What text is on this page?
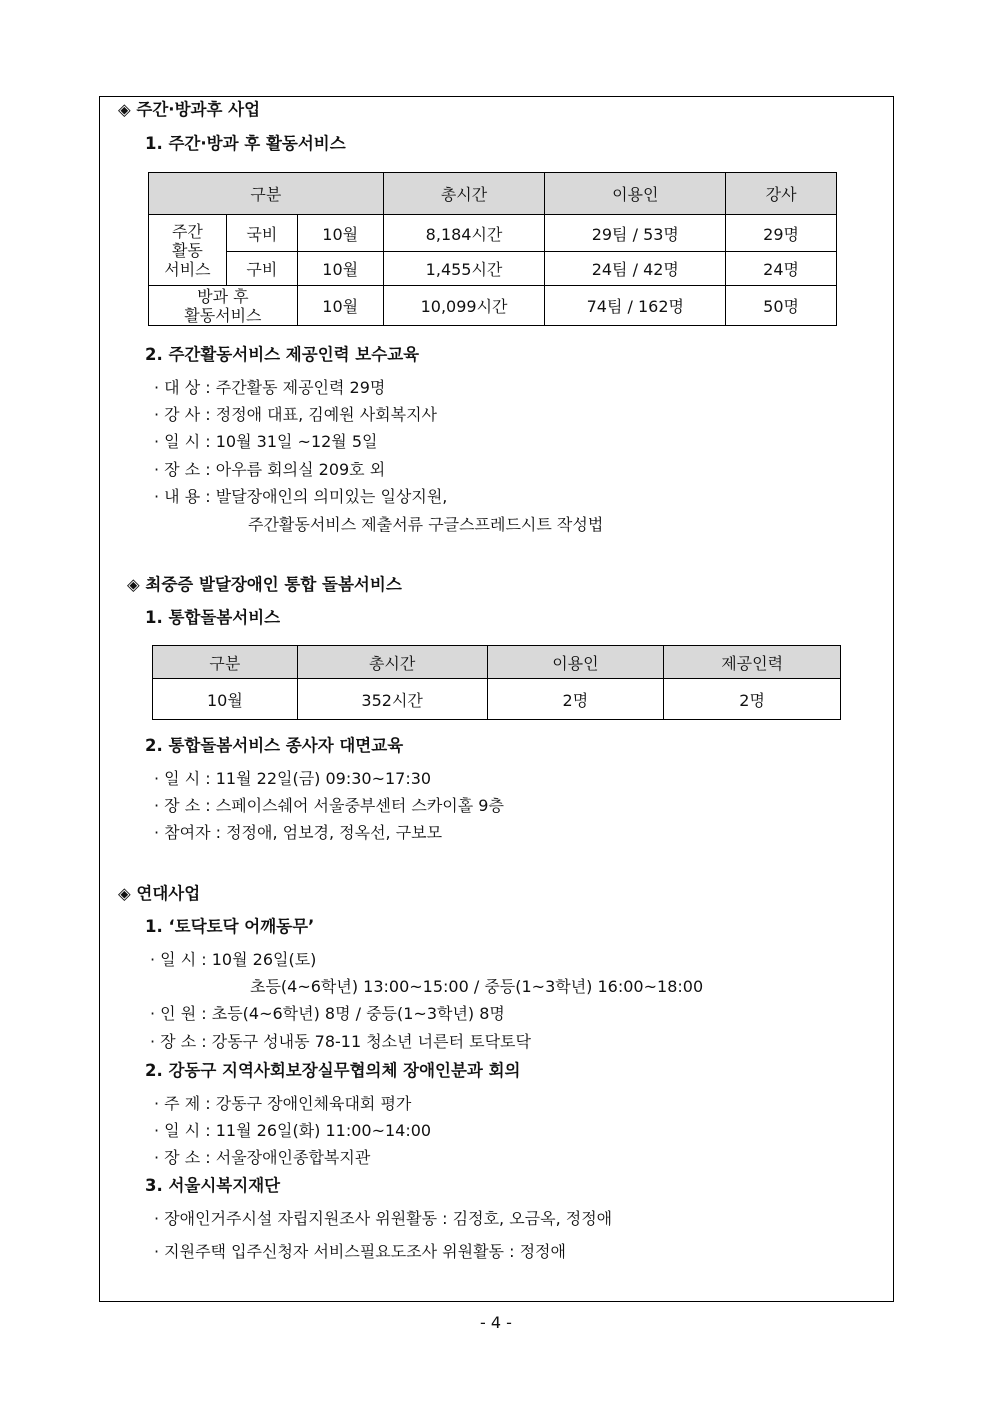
◈ 주간·방과후 사업
1. 주간·방과 후 활동서비스
구분			총시간	이용인	강사

주간
활동
서비스	국비	10월	8,184시간	29팀 / 53명	29명
	구비	10월	1,455시간	24팀 / 42명	24명

방과 후
활동서비스		10월	10,099시간	74팀 / 162명	50명
2. 주간활동서비스 제공인력 보수교육
· 대 상 : 주간활동 제공인력 29명
· 강 사 : 정정애 대표, 김예원 사회복지사
· 일 시 : 10월 31일 ~12월 5일
· 장 소 : 아우름 회의실 209호 외
· 내 용 : 발달장애인의 의미있는 일상지원,
주간활동서비스 제출서류 구글스프레드시트 작성법
◈ 최중증 발달장애인 통합 돌봄서비스
1. 통합돌봄서비스
구분	총시간	이용인	제공인력
10월	352시간	2명	2명
2. 통합돌봄서비스 종사자 대면교육
· 일 시 : 11월 22일(금) 09:30~17:30
· 장 소 : 스페이스쉐어 서울중부센터 스카이홀 9층
· 참여자 : 정정애, 엄보경, 정옥선, 구보모
◈ 연대사업
1. ‘토닥토닥 어깨동무’
· 일 시 : 10월 26일(토)
초등(4~6학년) 13:00~15:00 / 중등(1~3학년) 16:00~18:00
· 인 원 : 초등(4~6학년) 8명 / 중등(1~3학년) 8명
· 장 소 : 강동구 성내동 78-11 청소년 너른터 토닥토닥
2. 강동구 지역사회보장실무협의체 장애인분과 회의
· 주 제 : 강동구 장애인체육대회 평가
· 일 시 : 11월 26일(화) 11:00~14:00
· 장 소 : 서울장애인종합복지관
3. 서울시복지재단
· 장애인거주시설 자립지원조사 위원활동 : 김정호, 오금옥, 정정애
· 지원주택 입주신청자 서비스필요도조사 위원활동 : 정정애
- 4 -
